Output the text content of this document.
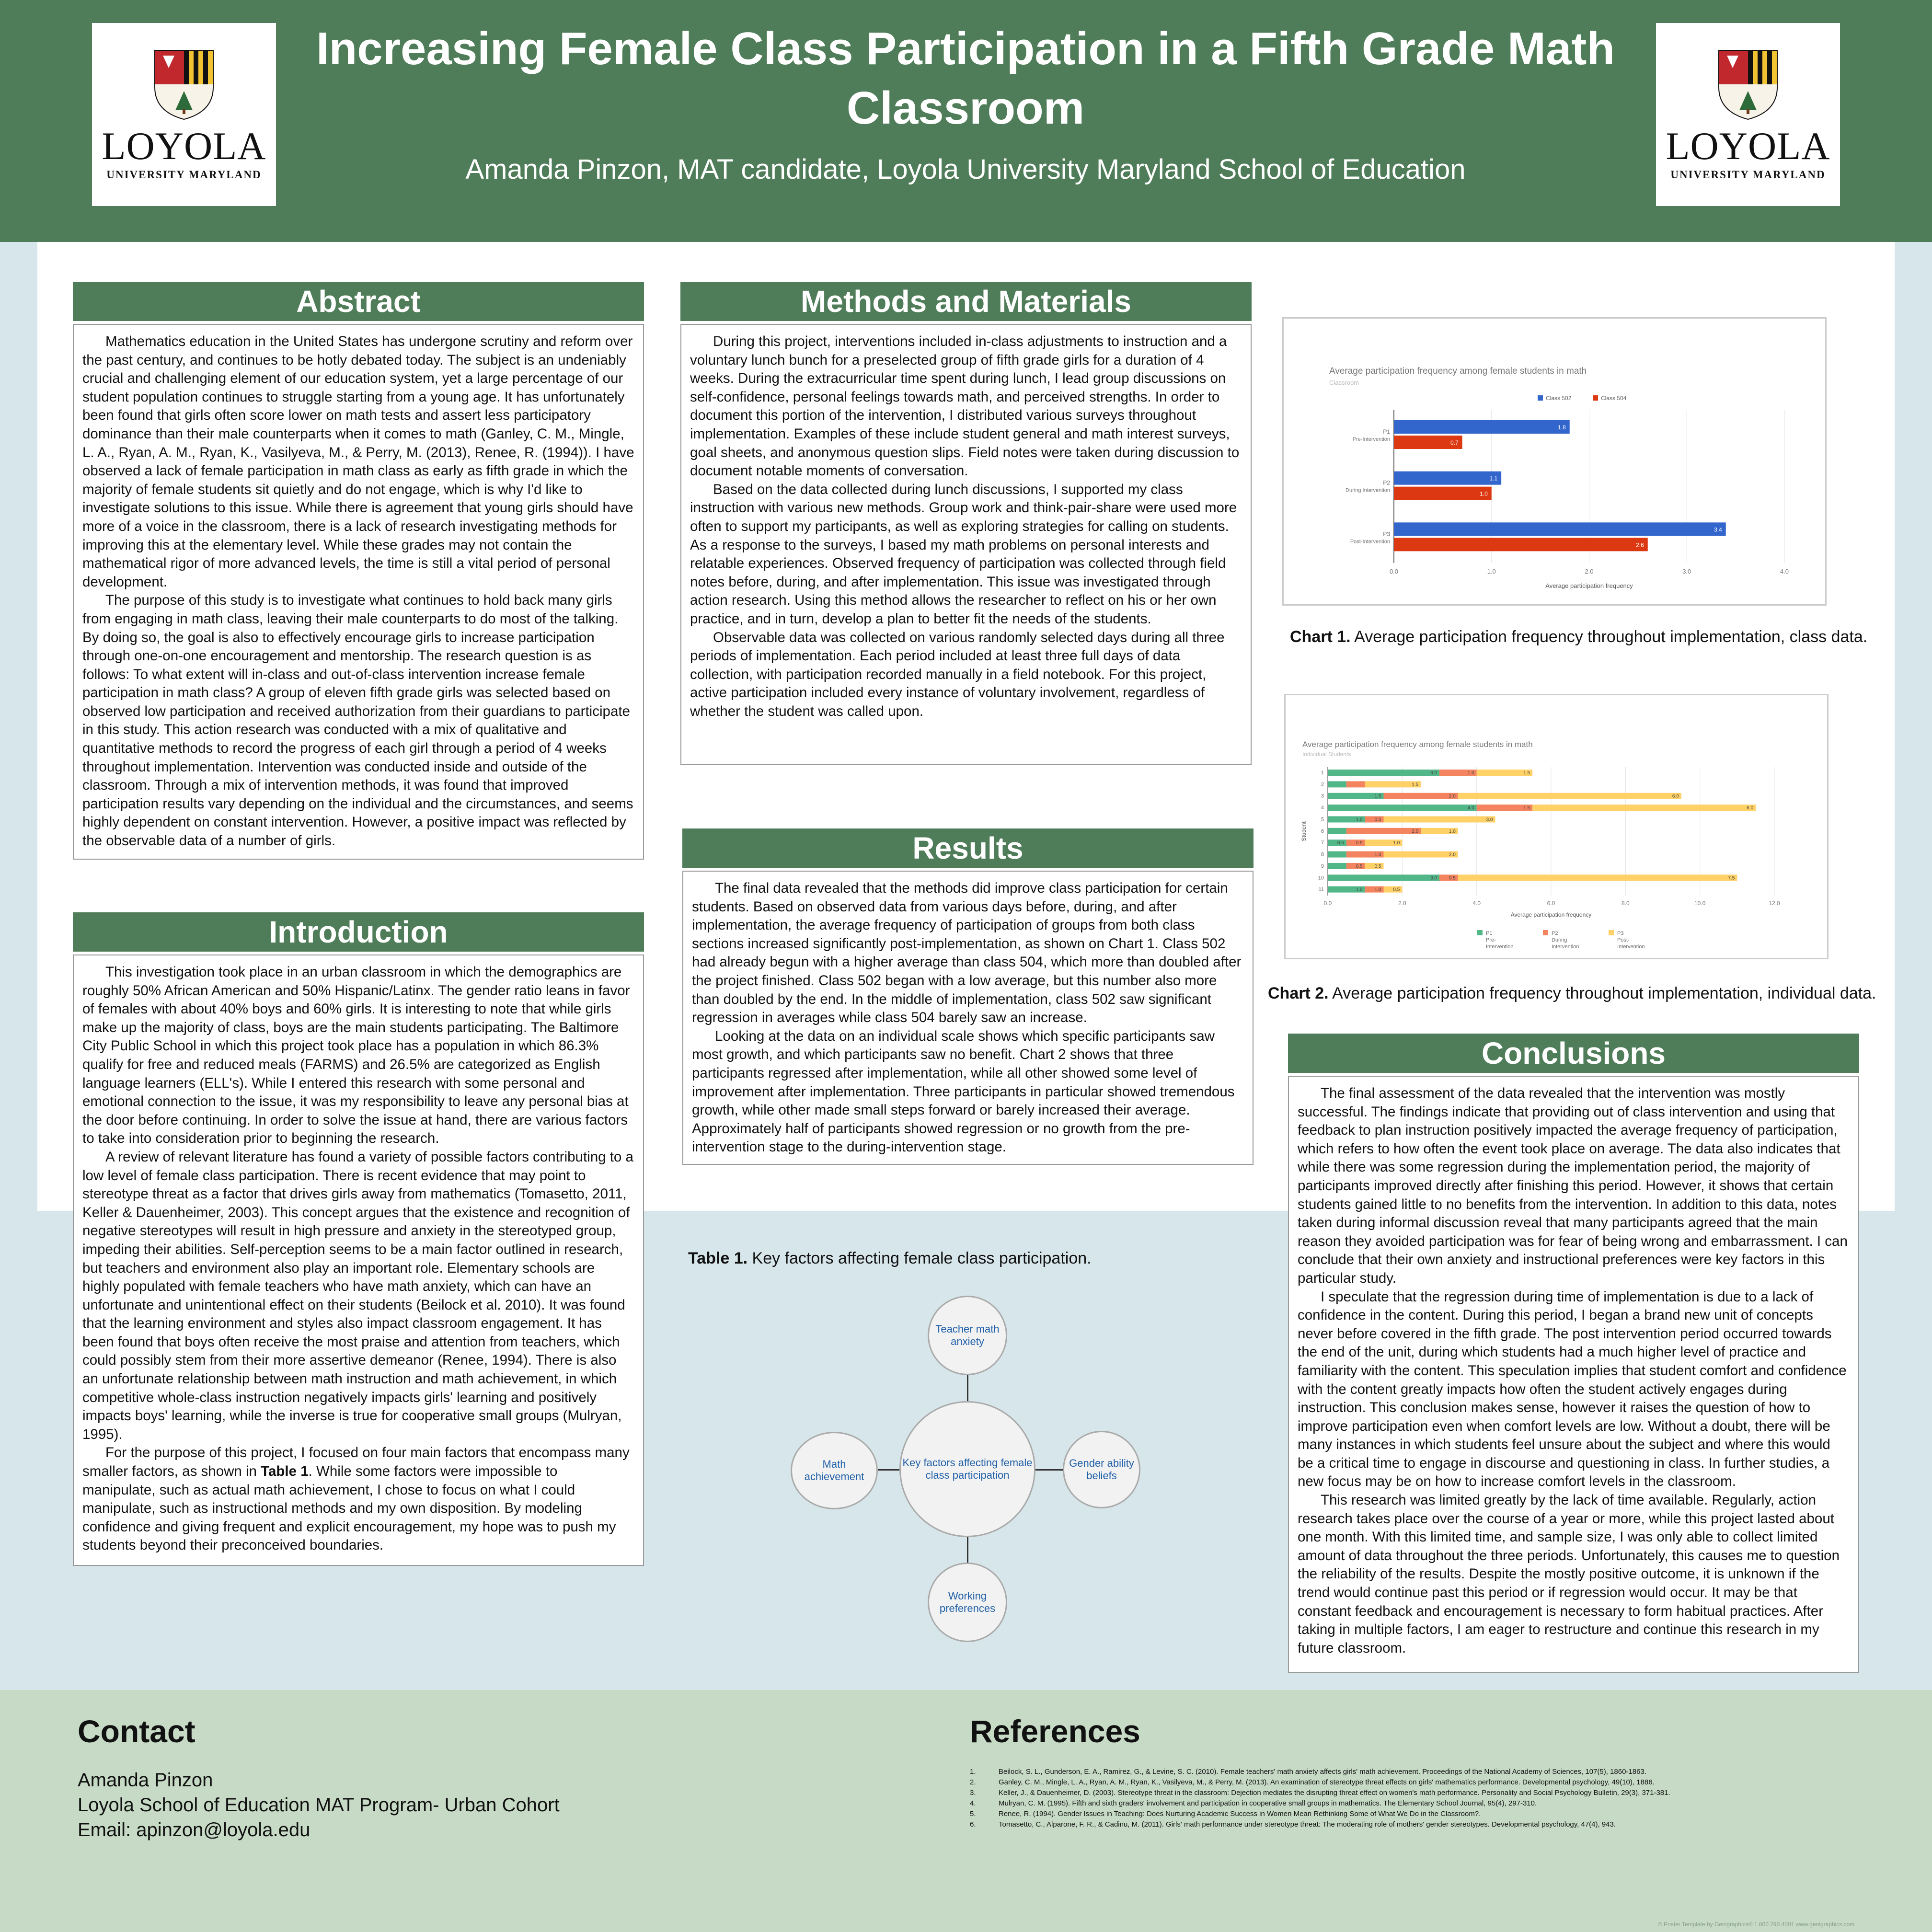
LOYOLA
UNIVERSITY MARYLAND
Increasing Female Class Participation in a Fifth Grade Math Classroom
Amanda Pinzon, MAT candidate, Loyola University Maryland School of Education
LOYOLA
UNIVERSITY MARYLAND
Abstract

Mathematics education in the United States has undergone scrutiny and reform over the past century, and continues to be hotly debated today. The subject is an undeniably crucial and challenging element of our education system, yet a large percentage of our student population continues to struggle starting from a young age. It has unfortunately been found that girls often score lower on math tests and assert less participatory dominance than their male counterparts when it comes to math (Ganley, C. M., Mingle, L. A., Ryan, A. M., Ryan, K., Vasilyeva, M., & Perry, M. (2013), Renee, R. (1994)). I have observed a lack of female participation in math class as early as fifth grade in which the majority of female students sit quietly and do not engage, which is why I'd like to investigate solutions to this issue. While there is agreement that young girls should have more of a voice in the classroom, there is a lack of research investigating methods for improving this at the elementary level. While these grades may not contain the mathematical rigor of more advanced levels, the time is still a vital period of personal development.

The purpose of this study is to investigate what continues to hold back many girls from engaging in math class, leaving their male counterparts to do most of the talking. By doing so, the goal is also to effectively encourage girls to increase participation through one-on-one encouragement and mentorship. The research question is as follows: To what extent will in-class and out-of-class intervention increase female participation in math class? A group of eleven fifth grade girls was selected based on observed low participation and received authorization from their guardians to participate in this study. This action research was conducted with a mix of qualitative and quantitative methods to record the progress of each girl through a period of 4 weeks throughout implementation. Intervention was conducted inside and outside of the classroom. Through a mix of intervention methods, it was found that improved participation results vary depending on the individual and the circumstances, and seems highly dependent on constant intervention. However, a positive impact was reflected by the observable data of a number of girls.

Introduction

This investigation took place in an urban classroom in which the demographics are roughly 50% African American and 50% Hispanic/Latinx. The gender ratio leans in favor of females with about 40% boys and 60% girls. It is interesting to note that while girls make up the majority of class, boys are the main students participating. The Baltimore City Public School in which this project took place has a population in which 86.3% qualify for free and reduced meals (FARMS) and 26.5% are categorized as English language learners (ELL's). While I entered this research with some personal and emotional connection to the issue, it was my responsibility to leave any personal bias at the door before continuing. In order to solve the issue at hand, there are various factors to take into consideration prior to beginning the research.

A review of relevant literature has found a variety of possible factors contributing to a low level of female class participation. There is recent evidence that may point to stereotype threat as a factor that drives girls away from mathematics (Tomasetto, 2011, Keller & Dauenheimer, 2003). This concept argues that the existence and recognition of negative stereotypes will result in high pressure and anxiety in the stereotyped group, impeding their abilities. Self-perception seems to be a main factor outlined in research, but teachers and environment also play an important role. Elementary schools are highly populated with female teachers who have math anxiety, which can have an unfortunate and unintentional effect on their students (Beilock et al. 2010). It was found that the learning environment and styles also impact classroom engagement. It has been found that boys often receive the most praise and attention from teachers, which could possibly stem from their more assertive demeanor (Renee, 1994). There is also an unfortunate relationship between math instruction and math achievement, in which competitive whole-class instruction negatively impacts girls' learning and positively impacts boys' learning, while the inverse is true for cooperative small groups (Mulryan, 1995).

For the purpose of this project, I focused on four main factors that encompass many smaller factors, as shown in Table 1. While some factors were impossible to manipulate, such as actual math achievement, I chose to focus on what I could manipulate, such as instructional methods and my own disposition. By modeling confidence and giving frequent and explicit encouragement, my hope was to push my students beyond their preconceived boundaries.

Methods and Materials

During this project, interventions included in-class adjustments to instruction and a voluntary lunch bunch for a preselected group of fifth grade girls for a duration of 4 weeks. During the extracurricular time spent during lunch, I lead group discussions on self-confidence, personal feelings towards math, and perceived strengths. In order to document this portion of the intervention, I distributed various surveys throughout implementation. Examples of these include student general and math interest surveys, goal sheets, and anonymous question slips. Field notes were taken during discussion to document notable moments of conversation.

Based on the data collected during lunch discussions, I supported my class instruction with various new methods. Group work and think-pair-share were used more often to support my participants, as well as exploring strategies for calling on students. As a response to the surveys, I based my math problems on personal interests and relatable experiences. Observed frequency of participation was collected through field notes before, during, and after implementation. This issue was investigated through action research. Using this method allows the researcher to reflect on his or her own practice, and in turn, develop a plan to better fit the needs of the students.

Observable data was collected on various randomly selected days during all three periods of implementation. Each period included at least three full days of data collection, with participation recorded manually in a field notebook. For this project, active participation included every instance of voluntary involvement, regardless of whether the student was called upon.

Results

The final data revealed that the methods did improve class participation for certain students. Based on observed data from various days before, during, and after implementation, the average frequency of participation of groups from both class sections increased significantly post-implementation, as shown on Chart 1. Class 502 had already begun with a higher average than class 504, which more than doubled after the project finished. Class 502 began with a low average, but this number also more than doubled by the end. In the middle of implementation, class 502 saw significant regression in averages while class 504 barely saw an increase.

Looking at the data on an individual scale shows which specific participants saw most growth, and which participants saw no benefit. Chart 2 shows that three participants regressed after implementation, while all other showed some level of improvement after implementation. Three participants in particular showed tremendous growth, while other made small steps forward or barely increased their average. Approximately half of participants showed regression or no growth from the pre-intervention stage to the during-intervention stage.

Table 1. Key factors affecting female class participation.
Key factors affecting female class participation
Teacher math anxiety
Math achievement
Gender ability beliefs
Working preferences
Average participation frequency among female students in math
Classroom
Class 502	Class 504
0.0	1.0	2.0	3.0	4.0
Average participation frequency
P1
Pre-Intervention
1.8
0.7
P2
During Intervention
1.1
1.0
P3
Post-Intervention
3.4
2.6
Chart 1. Average participation frequency throughout implementation, class data.
Average participation frequency among female students in math
Individual Students
0.0	2.0	4.0	6.0	8.0	10.0	12.0
Average participation frequency
Student
1	3.0	1.0	1.5
2	1.5
3	1.5	2.0	6.0
4	4.0	1.5	6.0
5	1.0 0.5	3.0
6	2.0	1.0
7	0.5 0.5	1.0
8	1.0	2.0
9	0.5 0.5
10	3.0 0.5	7.5
11	1.0 1.0 0.5
P1
Pre-
Intervention
P2
During
Intervention
P3
Post-
Intervention
Chart 2. Average participation frequency throughout implementation, individual data.
Conclusions

The final assessment of the data revealed that the intervention was mostly successful. The findings indicate that providing out of class intervention and using that feedback to plan instruction positively impacted the average frequency of participation, which refers to how often the event took place on average. The data also indicates that while there was some regression during the implementation period, the majority of participants improved directly after finishing this period. However, it shows that certain students gained little to no benefits from the intervention. In addition to this data, notes taken during informal discussion reveal that many participants agreed that the main reason they avoided participation was for fear of being wrong and embarrassment. I can conclude that their own anxiety and instructional preferences were key factors in this particular study.

I speculate that the regression during time of implementation is due to a lack of confidence in the content. During this period, I began a brand new unit of concepts never before covered in the fifth grade. The post intervention period occurred towards the end of the unit, during which students had a much higher level of practice and familiarity with the content. This speculation implies that student comfort and confidence with the content greatly impacts how often the student actively engages during instruction. This conclusion makes sense, however it raises the question of how to improve participation even when comfort levels are low. Without a doubt, there will be many instances in which students feel unsure about the subject and where this would be a critical time to engage in discourse and questioning in class. In further studies, a new focus may be on how to increase comfort levels in the classroom.

This research was limited greatly by the lack of time available. Regularly, action research takes place over the course of a year or more, while this project lasted about one month. With this limited time, and sample size, I was only able to collect limited amount of data throughout the three periods. Unfortunately, this causes me to question the reliability of the results. Despite the mostly positive outcome, it is unknown if the trend would continue past this period or if regression would occur. It may be that constant feedback and encouragement is necessary to form habitual practices. After taking in multiple factors, I am eager to restructure and continue this research in my future classroom.

Contact
Amanda Pinzon
Loyola School of Education MAT Program- Urban Cohort
Email: apinzon@loyola.edu
References
1.	Beilock, S. L., Gunderson, E. A., Ramirez, G., & Levine, S. C. (2010). Female teachers' math anxiety affects girls' math achievement. Proceedings of the National Academy of Sciences, 107(5), 1860-1863.
2.	Ganley, C. M., Mingle, L. A., Ryan, A. M., Ryan, K., Vasilyeva, M., & Perry, M. (2013). An examination of stereotype threat effects on girls' mathematics performance. Developmental psychology, 49(10), 1886.
3.	Keller, J., & Dauenheimer, D. (2003). Stereotype threat in the classroom: Dejection mediates the disrupting threat effect on women's math performance. Personality and Social Psychology Bulletin, 29(3), 371-381.
4.	Mulryan, C. M. (1995). Fifth and sixth graders' involvement and participation in cooperative small groups in mathematics. The Elementary School Journal, 95(4), 297-310.
5.	Renee, R. (1994). Gender Issues in Teaching: Does Nurturing Academic Success in Women Mean Rethinking Some of What We Do in the Classroom?.
6.	Tomasetto, C., Alparone, F. R., & Cadinu, M. (2011). Girls' math performance under stereotype threat: The moderating role of mothers' gender stereotypes. Developmental psychology, 47(4), 943.
© Poster Template by Genigraphics® 1.800.790.4001 www.genigraphics.com
